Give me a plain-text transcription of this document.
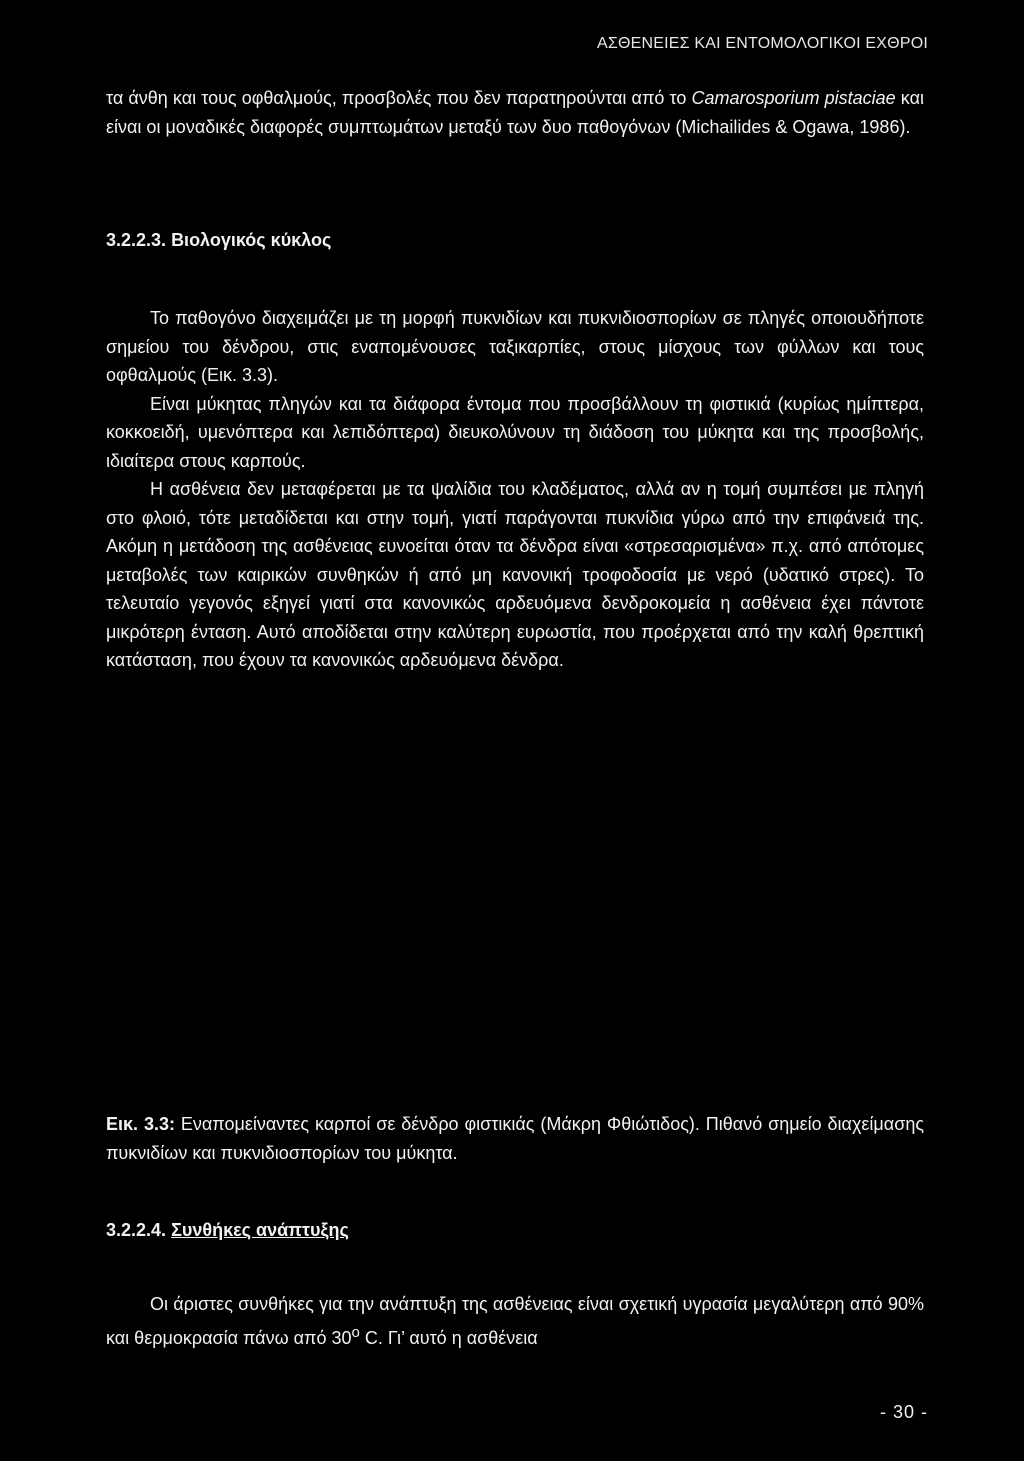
ΑΣΘΕΝΕΙΕΣ ΚΑΙ ΕΝΤΟΜΟΛΟΓΙΚΟΙ ΕΧΘΡΟΙ

τα άνθη και τους οφθαλμούς, προσβολές που δεν παρατηρούνται από το Camarosporium pistaciae και είναι οι μοναδικές διαφορές συμπτωμάτων μεταξύ των δυο παθογόνων (Michailides & Ogawa, 1986).

3.2.2.3. Βιολογικός κύκλος

Το παθογόνο διαχειμάζει με τη μορφή πυκνιδίων και πυκνιδιοσπορίων σε πληγές οποιουδήποτε σημείου του δένδρου, στις εναπομένουσες ταξικαρπίες, στους μίσχους των φύλλων και τους οφθαλμούς (Εικ. 3.3).

Είναι μύκητας πληγών και τα διάφορα έντομα που προσβάλλουν τη φιστικιά (κυρίως ημίπτερα, κοκκοειδή, υμενόπτερα και λεπιδόπτερα) διευκολύνουν τη διάδοση του μύκητα και της προσβολής, ιδιαίτερα στους καρπούς.

Η ασθένεια δεν μεταφέρεται με τα ψαλίδια του κλαδέματος, αλλά αν η τομή συμπέσει με πληγή στο φλοιό, τότε μεταδίδεται και στην τομή, γιατί παράγονται πυκνίδια γύρω από την επιφάνειά της. Ακόμη η μετάδοση της ασθένειας ευνοείται όταν τα δένδρα είναι «στρεσαρισμένα» π.χ. από απότομες μεταβολές των καιρικών συνθηκών ή από μη κανονική τροφοδοσία με νερό (υδατικό στρες). Το τελευταίο γεγονός εξηγεί γιατί στα κανονικώς αρδευόμενα δενδροκομεία η ασθένεια έχει πάντοτε μικρότερη ένταση. Αυτό αποδίδεται στην καλύτερη ευρωστία, που προέρχεται από την καλή θρεπτική κατάσταση, που έχουν τα κανονικώς αρδευόμενα δένδρα.

Εικ. 3.3: Εναπομείναντες καρποί σε δένδρο φιστικιάς (Μάκρη Φθιώτιδος). Πιθανό σημείο διαχείμασης πυκνιδίων και πυκνιδιοσπορίων του μύκητα.

3.2.2.4. Συνθήκες ανάπτυξης

Οι άριστες συνθήκες για την ανάπτυξη της ασθένειας είναι σχετική υγρασία μεγαλύτερη από 90% και θερμοκρασία πάνω από 30$^o$ C. Γι’ αυτό η ασθένεια

- 30 -
